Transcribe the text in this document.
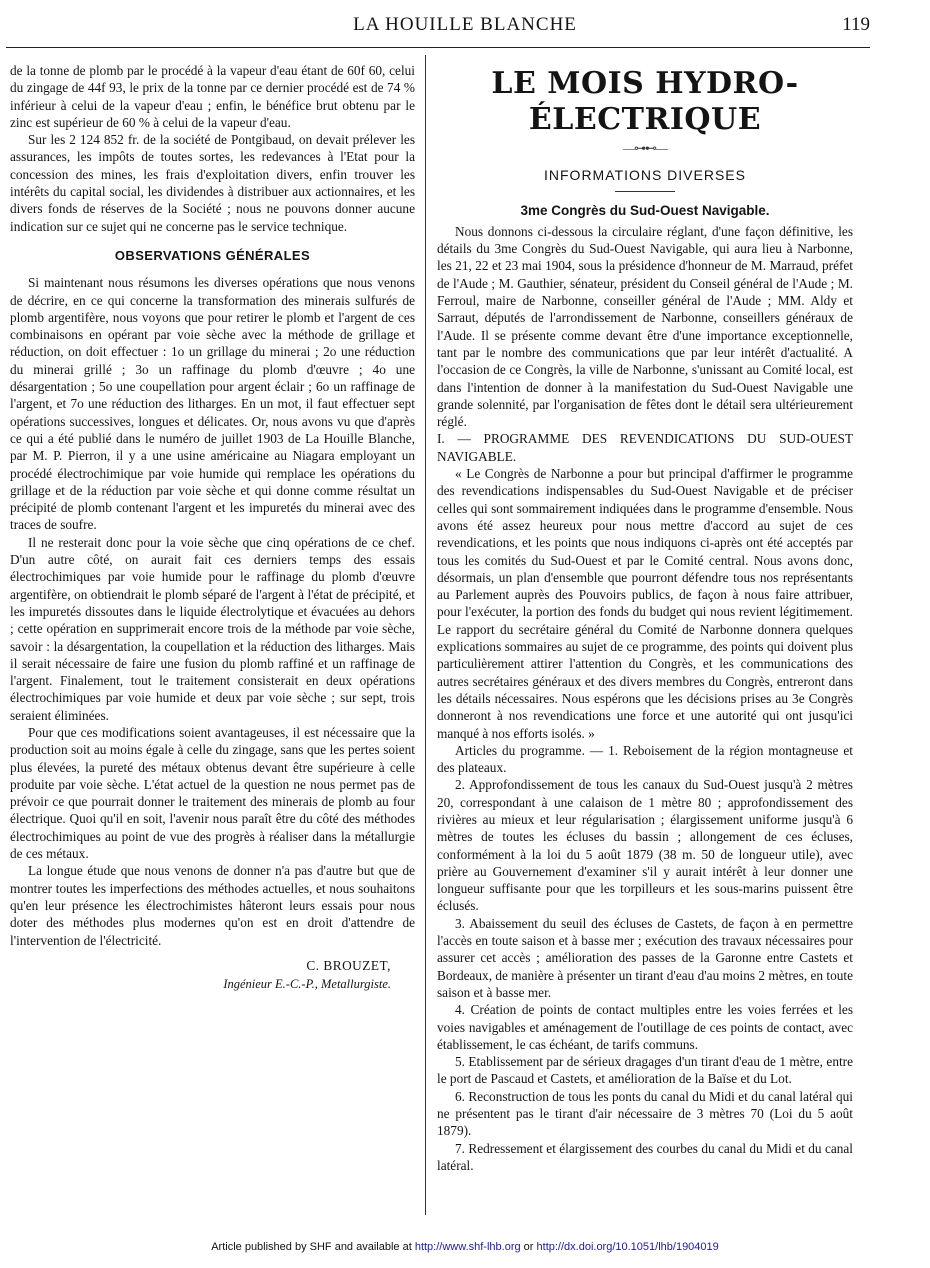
LA HOUILLE BLANCHE	119

de la tonne de plomb par le procédé à la vapeur d'eau étant de 60f 60, celui du zingage de 44f 93, le prix de la tonne par ce dernier procédé est de 74 % inférieur à celui de la vapeur d'eau ; enfin, le bénéfice brut obtenu par le zinc est supérieur de 60 % à celui de la vapeur d'eau.

Sur les 2 124 852 fr. de la société de Pontgibaud, on devait prélever les assurances, les impôts de toutes sortes, les redevances à l'Etat pour la concession des mines, les frais d'exploitation divers, enfin trouver les intérêts du capital social, les dividendes à distribuer aux actionnaires, et les divers fonds de réserves de la Société ; nous ne pouvons donner aucune indication sur ce sujet qui ne concerne pas le service technique.

OBSERVATIONS GÉNÉRALES

Si maintenant nous résumons les diverses opérations que nous venons de décrire, en ce qui concerne la transformation des minerais sulfurés de plomb argentifère, nous voyons que pour retirer le plomb et l'argent de ces combinaisons en opérant par voie sèche avec la méthode de grillage et réduction, on doit effectuer : 1o un grillage du minerai ; 2o une réduction du minerai grillé ; 3o un raffinage du plomb d'œuvre ; 4o une désargentation ; 5o une coupellation pour argent éclair ; 6o un raffinage de l'argent, et 7o une réduction des litharges. En un mot, il faut effectuer sept opérations successives, longues et délicates. Or, nous avons vu que d'après ce qui a été publié dans le numéro de juillet 1903 de La Houille Blanche, par M. P. Pierron, il y a une usine américaine au Niagara employant un procédé électrochimique par voie humide qui remplace les opérations du grillage et de la réduction par voie sèche et qui donne comme résultat un précipité de plomb contenant l'argent et les impuretés du minerai avec des traces de soufre.

Il ne resterait donc pour la voie sèche que cinq opérations de ce chef. D'un autre côté, on aurait fait ces derniers temps des essais électrochimiques par voie humide pour le raffinage du plomb d'œuvre argentifère, on obtiendrait le plomb séparé de l'argent à l'état de précipité, et les impuretés dissoutes dans le liquide électrolytique et évacuées au dehors ; cette opération en supprimerait encore trois de la méthode par voie sèche, savoir : la désargentation, la coupellation et la réduction des litharges. Mais il serait nécessaire de faire une fusion du plomb raffiné et un raffinage de l'argent. Finalement, tout le traitement consisterait en deux opérations électrochimiques par voie humide et deux par voie sèche ; sur sept, trois seraient éliminées.

Pour que ces modifications soient avantageuses, il est nécessaire que la production soit au moins égale à celle du zingage, sans que les pertes soient plus élevées, la pureté des métaux obtenus devant être supérieure à celle produite par voie sèche. L'état actuel de la question ne nous permet pas de prévoir ce que pourrait donner le traitement des minerais de plomb au four électrique. Quoi qu'il en soit, l'avenir nous paraît être du côté des méthodes électrochimiques au point de vue des progrès à réaliser dans la métallurgie de ces métaux.

La longue étude que nous venons de donner n'a pas d'autre but que de montrer toutes les imperfections des méthodes actuelles, et nous souhaitons qu'en leur présence les électrochimistes hâteront leurs essais pour nous doter des méthodes plus modernes qu'on est en droit d'attendre de l'intervention de l'électricité.

C. BROUZET,
Ingénieur E.-C.-P., Metallurgiste.
LE MOIS HYDRO-ÉLECTRIQUE
—⊶⊷—
INFORMATIONS DIVERSES
3me Congrès du Sud-Ouest Navigable.

Nous donnons ci-dessous la circulaire réglant, d'une façon définitive, les détails du 3me Congrès du Sud-Ouest Navigable, qui aura lieu à Narbonne, les 21, 22 et 23 mai 1904, sous la présidence d'honneur de M. Marraud, préfet de l'Aude ; M. Gauthier, sénateur, président du Conseil général de l'Aude ; M. Ferroul, maire de Narbonne, conseiller général de l'Aude ; MM. Aldy et Sarraut, députés de l'arrondissement de Narbonne, conseillers généraux de l'Aude. Il se présente comme devant être d'une importance exceptionnelle, tant par le nombre des communications que par leur intérêt d'actualité. A l'occasion de ce Congrès, la ville de Narbonne, s'unissant au Comité local, est dans l'intention de donner à la manifestation du Sud-Ouest Navigable une grande solennité, par l'organisation de fêtes dont le détail sera ultérieurement réglé.

I. — PROGRAMME DES REVENDICATIONS DU SUD-OUEST NAVIGABLE.

« Le Congrès de Narbonne a pour but principal d'affirmer le programme des revendications indispensables du Sud-Ouest Navigable et de préciser celles qui sont sommairement indiquées dans le programme d'ensemble. Nous avons été assez heureux pour nous mettre d'accord au sujet de ces revendications, et les points que nous indiquons ci-après ont été acceptés par tous les comités du Sud-Ouest et par le Comité central. Nous avons donc, désormais, un plan d'ensemble que pourront défendre tous nos représentants au Parlement auprès des Pouvoirs publics, de façon à nous faire attribuer, pour l'exécuter, la portion des fonds du budget qui nous revient légitimement. Le rapport du secrétaire général du Comité de Narbonne donnera quelques explications sommaires au sujet de ce programme, des points qui doivent plus particulièrement attirer l'attention du Congrès, et les communications des autres secrétaires généraux et des divers membres du Congrès, entreront dans les détails nécessaires. Nous espérons que les décisions prises au 3e Congrès donneront à nos revendications une force et une autorité qui ont jusqu'ici manqué à nos efforts isolés. »

Articles du programme. — 1. Reboisement de la région montagneuse et des plateaux.

2. Approfondissement de tous les canaux du Sud-Ouest jusqu'à 2 mètres 20, correspondant à une calaison de 1 mètre 80 ; approfondissement des rivières au mieux et leur régularisation ; élargissement uniforme jusqu'à 6 mètres de toutes les écluses du bassin ; allongement de ces écluses, conformément à la loi du 5 août 1879 (38 m. 50 de longueur utile), avec prière au Gouvernement d'examiner s'il y aurait intérêt à leur donner une longueur suffisante pour que les torpilleurs et les sous-marins puissent être éclusés.

3. Abaissement du seuil des écluses de Castets, de façon à en permettre l'accès en toute saison et à basse mer ; exécution des travaux nécessaires pour assurer cet accès ; amélioration des passes de la Garonne entre Castets et Bordeaux, de manière à présenter un tirant d'eau d'au moins 2 mètres, en toute saison et à basse mer.

4. Création de points de contact multiples entre les voies ferrées et les voies navigables et aménagement de l'outillage de ces points de contact, avec établissement, le cas échéant, de tarifs communs.

5. Etablissement par de sérieux dragages d'un tirant d'eau de 1 mètre, entre le port de Pascaud et Castets, et amélioration de la Baïse et du Lot.

6. Reconstruction de tous les ponts du canal du Midi et du canal latéral qui ne présentent pas le tirant d'air nécessaire de 3 mètres 70 (Loi du 5 août 1879).

7. Redressement et élargissement des courbes du canal du Midi et du canal latéral.

Article published by SHF and available at http://www.shf-lhb.org or http://dx.doi.org/10.1051/lhb/1904019
